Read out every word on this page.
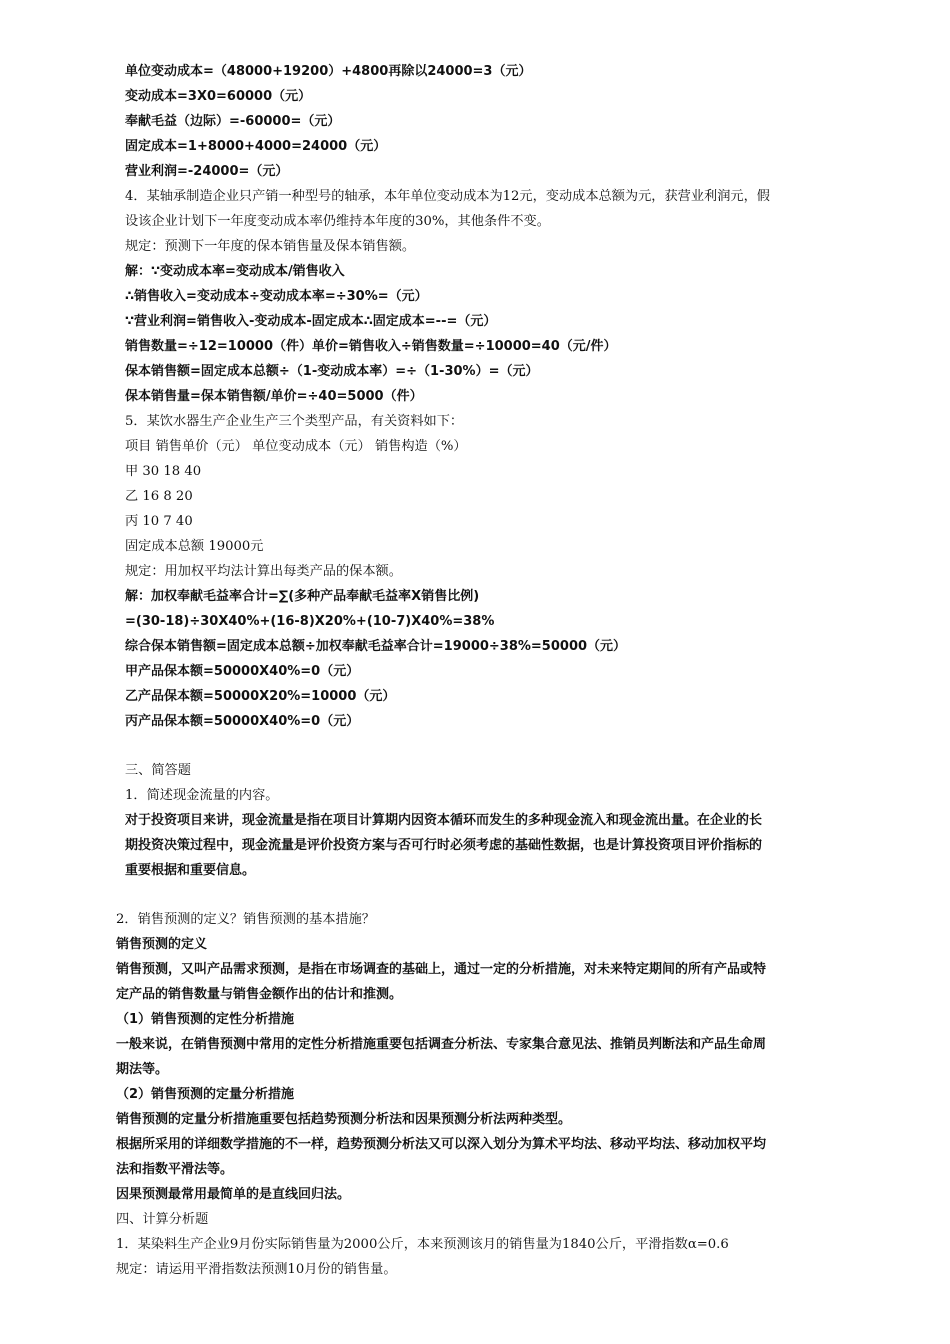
单位变动成本=（48000+19200）+4800再除以24000=3（元）
变动成本=3X0=60000（元）
奉献毛益（边际）=-60000=（元）
固定成本=1+8000+4000=24000（元）
营业利润=-24000=（元）
4．某轴承制造企业只产销一种型号的轴承，本年单位变动成本为12元，变动成本总额为元，获营业利润元，假
设该企业计划下一年度变动成本率仍维持本年度的30%，其他条件不变。
规定：预测下一年度的保本销售量及保本销售额。
解：∵变动成本率=变动成本/销售收入
∴销售收入=变动成本÷变动成本率=÷30%=（元）
∵营业利润=销售收入-变动成本-固定成本∴固定成本=--=（元）
销售数量=÷12=10000（件）单价=销售收入÷销售数量=÷10000=40（元/件）
保本销售额=固定成本总额÷（1-变动成本率）=÷（1-30%）=（元）
保本销售量=保本销售额/单价=÷40=5000（件）
5．某饮水器生产企业生产三个类型产品，有关资料如下：
项目 销售单价（元） 单位变动成本（元） 销售构造（%）
甲 30 18 40
乙 16 8 20
丙 10 7 40
固定成本总额 19000元
规定：用加权平均法计算出每类产品的保本额。
解：加权奉献毛益率合计=∑(多种产品奉献毛益率X销售比例)
=(30-18)÷30X40%+(16-8)X20%+(10-7)X40%=38%
综合保本销售额=固定成本总额÷加权奉献毛益率合计=19000÷38%=50000（元）
甲产品保本额=50000X40%=0（元）
乙产品保本额=50000X20%=10000（元）
丙产品保本额=50000X40%=0（元）
三、简答题
1．简述现金流量的内容。
对于投资项目来讲，现金流量是指在项目计算期内因资本循环而发生的多种现金流入和现金流出量。在企业的长
期投资决策过程中，现金流量是评价投资方案与否可行时必须考虑的基础性数据，也是计算投资项目评价指标的
重要根据和重要信息。
2．销售预测的定义？销售预测的基本措施？
销售预测的定义
销售预测，又叫产品需求预测，是指在市场调查的基础上，通过一定的分析措施，对未来特定期间的所有产品或特
定产品的销售数量与销售金额作出的估计和推测。
（1）销售预测的定性分析措施
一般来说，在销售预测中常用的定性分析措施重要包括调查分析法、专家集合意见法、推销员判断法和产品生命周
期法等。
（2）销售预测的定量分析措施
销售预测的定量分析措施重要包括趋势预测分析法和因果预测分析法两种类型。
根据所采用的详细数学措施的不一样，趋势预测分析法又可以深入划分为算术平均法、移动平均法、移动加权平均
法和指数平滑法等。
因果预测最常用最简单的是直线回归法。
四、计算分析题
1．某染料生产企业9月份实际销售量为2000公斤，本来预测该月的销售量为1840公斤，平滑指数α=0.6
规定：请运用平滑指数法预测10月份的销售量。
